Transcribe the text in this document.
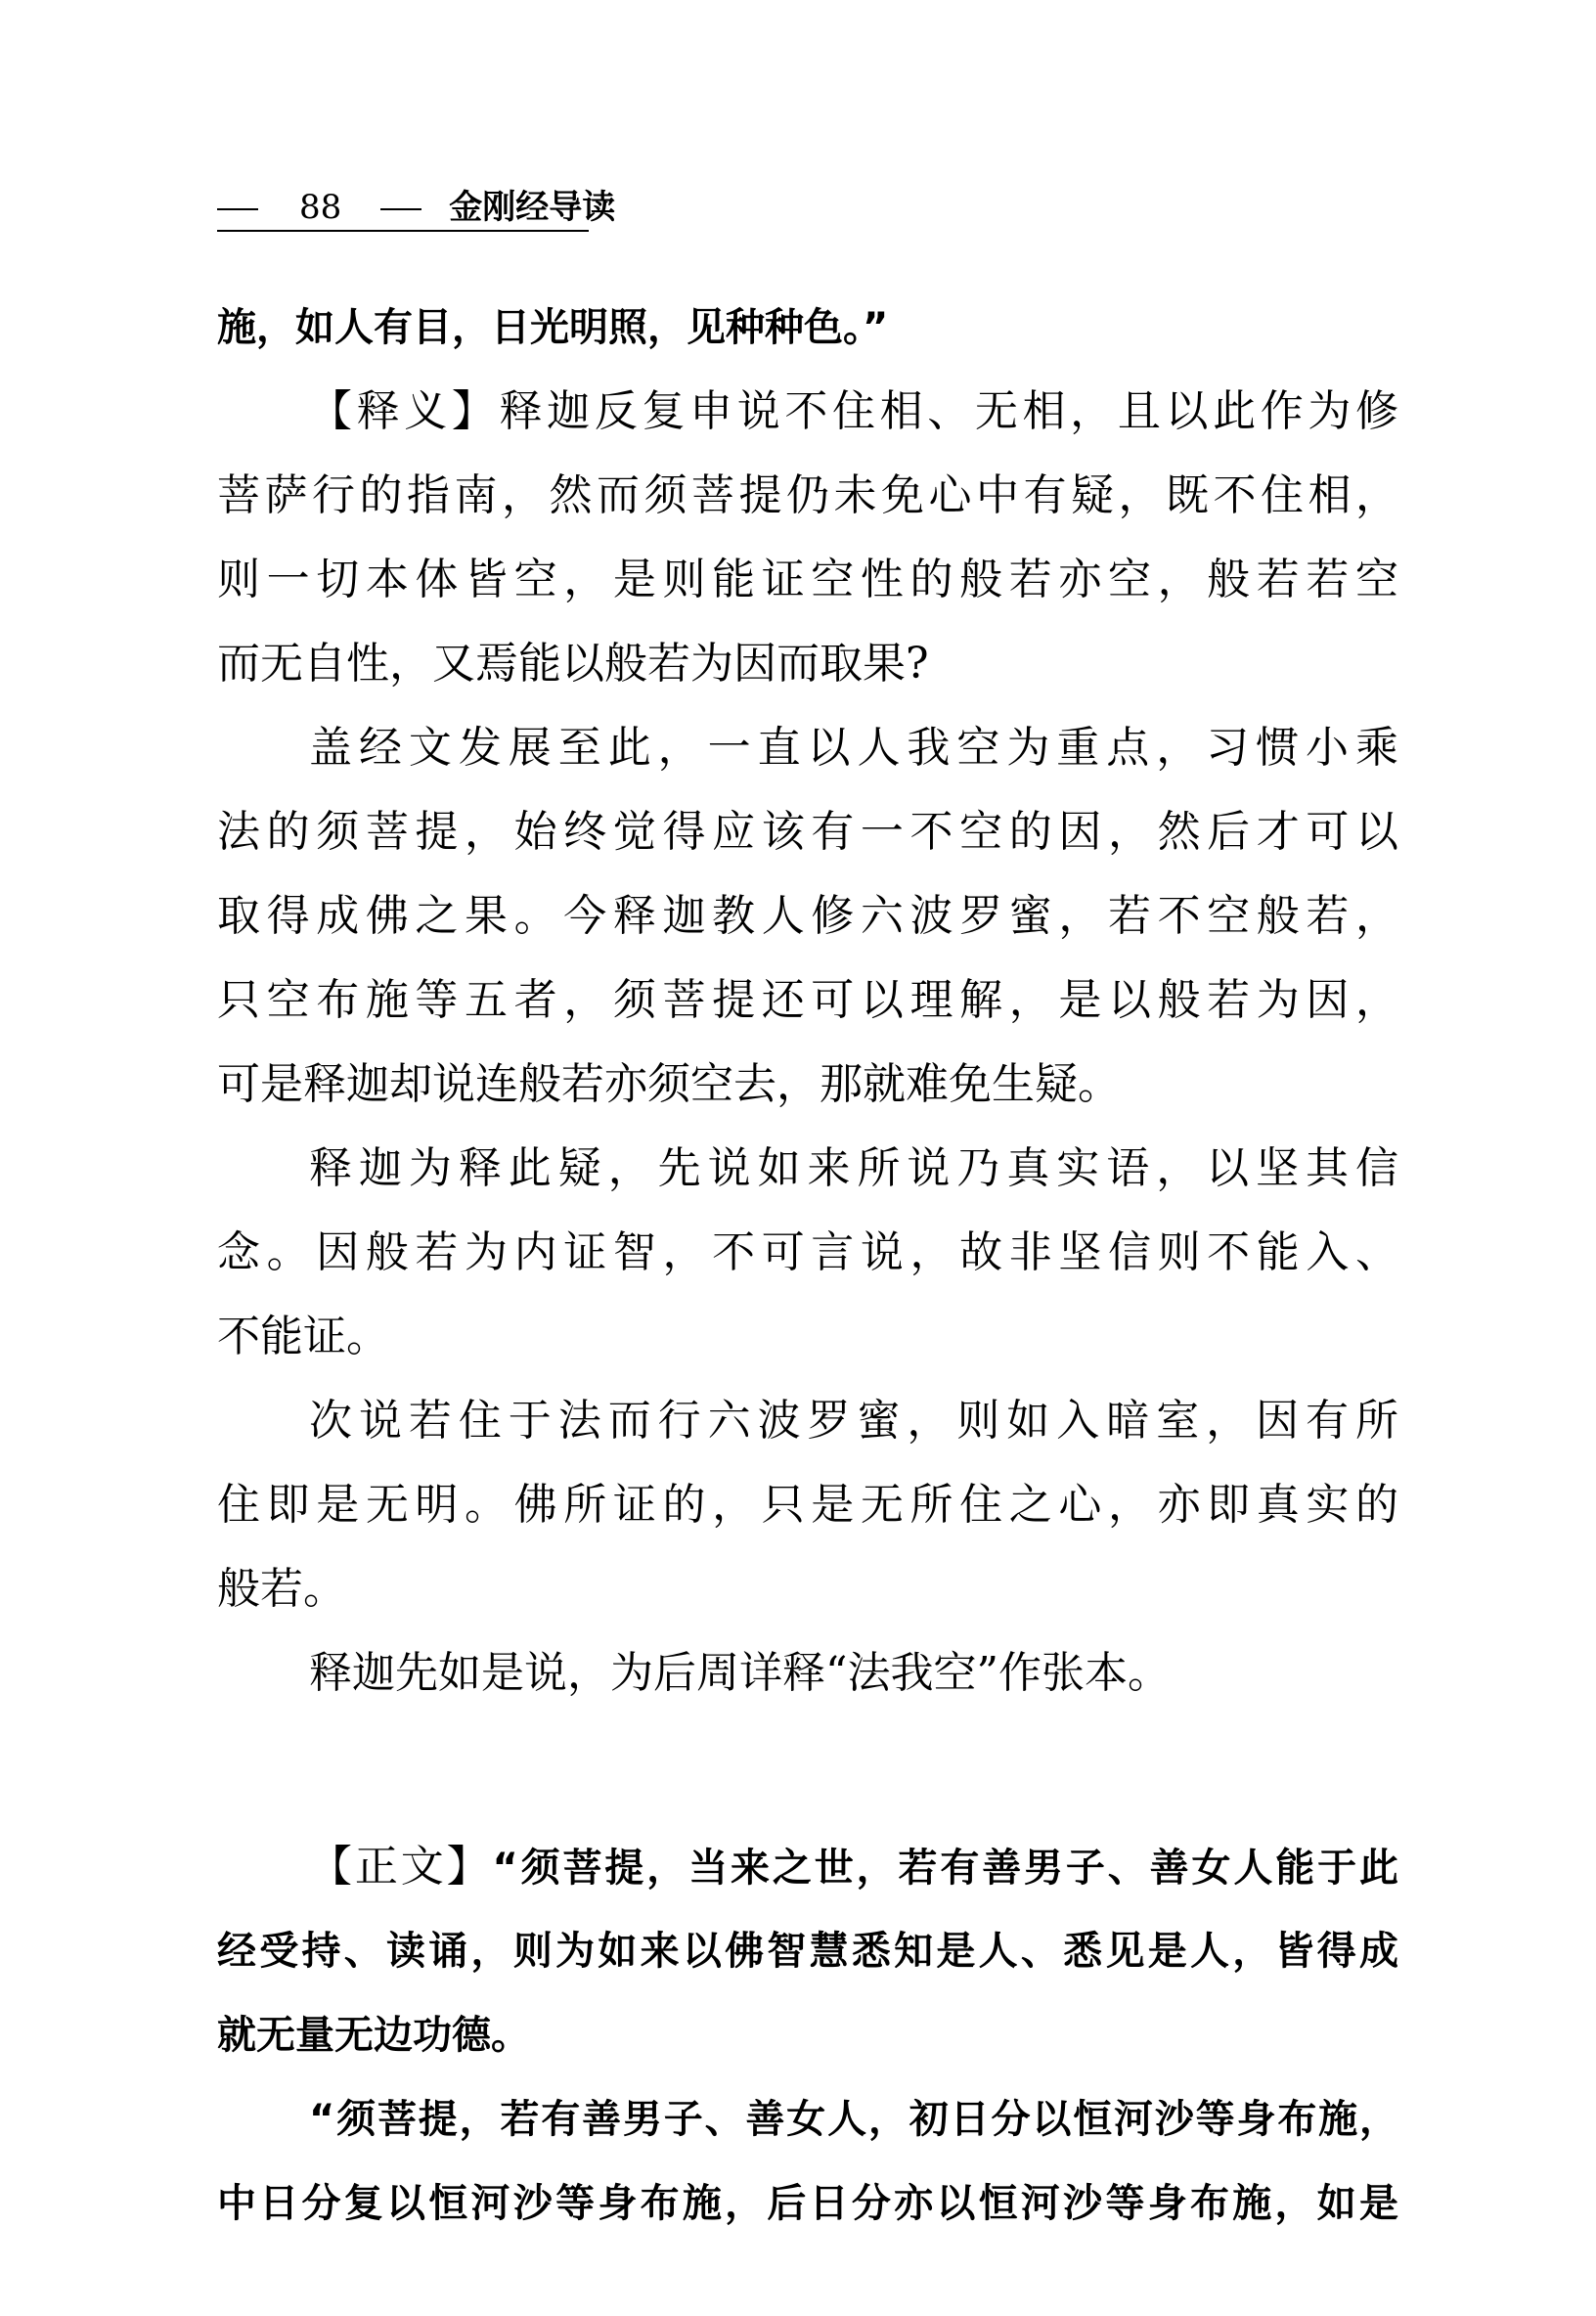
88	金刚经导读
施，如人有目，日光明照，见种种色。”
【释义】释迦反复申说不住相、无相，且以此作为修
菩萨行的指南，然而须菩提仍未免心中有疑，既不住相，
则一切本体皆空，是则能证空性的般若亦空，般若若空
而无自性，又焉能以般若为因而取果?
盖经文发展至此，一直以人我空为重点，习惯小乘
法的须菩提，始终觉得应该有一不空的因，然后才可以
取得成佛之果。今释迦教人修六波罗蜜，若不空般若，
只空布施等五者，须菩提还可以理解，是以般若为因，
可是释迦却说连般若亦须空去，那就难免生疑。
释迦为释此疑，先说如来所说乃真实语，以坚其信
念。因般若为内证智，不可言说，故非坚信则不能入、
不能证。
次说若住于法而行六波罗蜜，则如入暗室，因有所
住即是无明。佛所证的，只是无所住之心，亦即真实的
般若。
释迦先如是说，为后周详释“法我空”作张本。
【正文】“须菩提，当来之世，若有善男子、善女人能于此
经受持、读诵，则为如来以佛智慧悉知是人、悉见是人，皆得成
就无量无边功德。
“须菩提，若有善男子、善女人，初日分以恒河沙等身布施，
中日分复以恒河沙等身布施，后日分亦以恒河沙等身布施，如是
